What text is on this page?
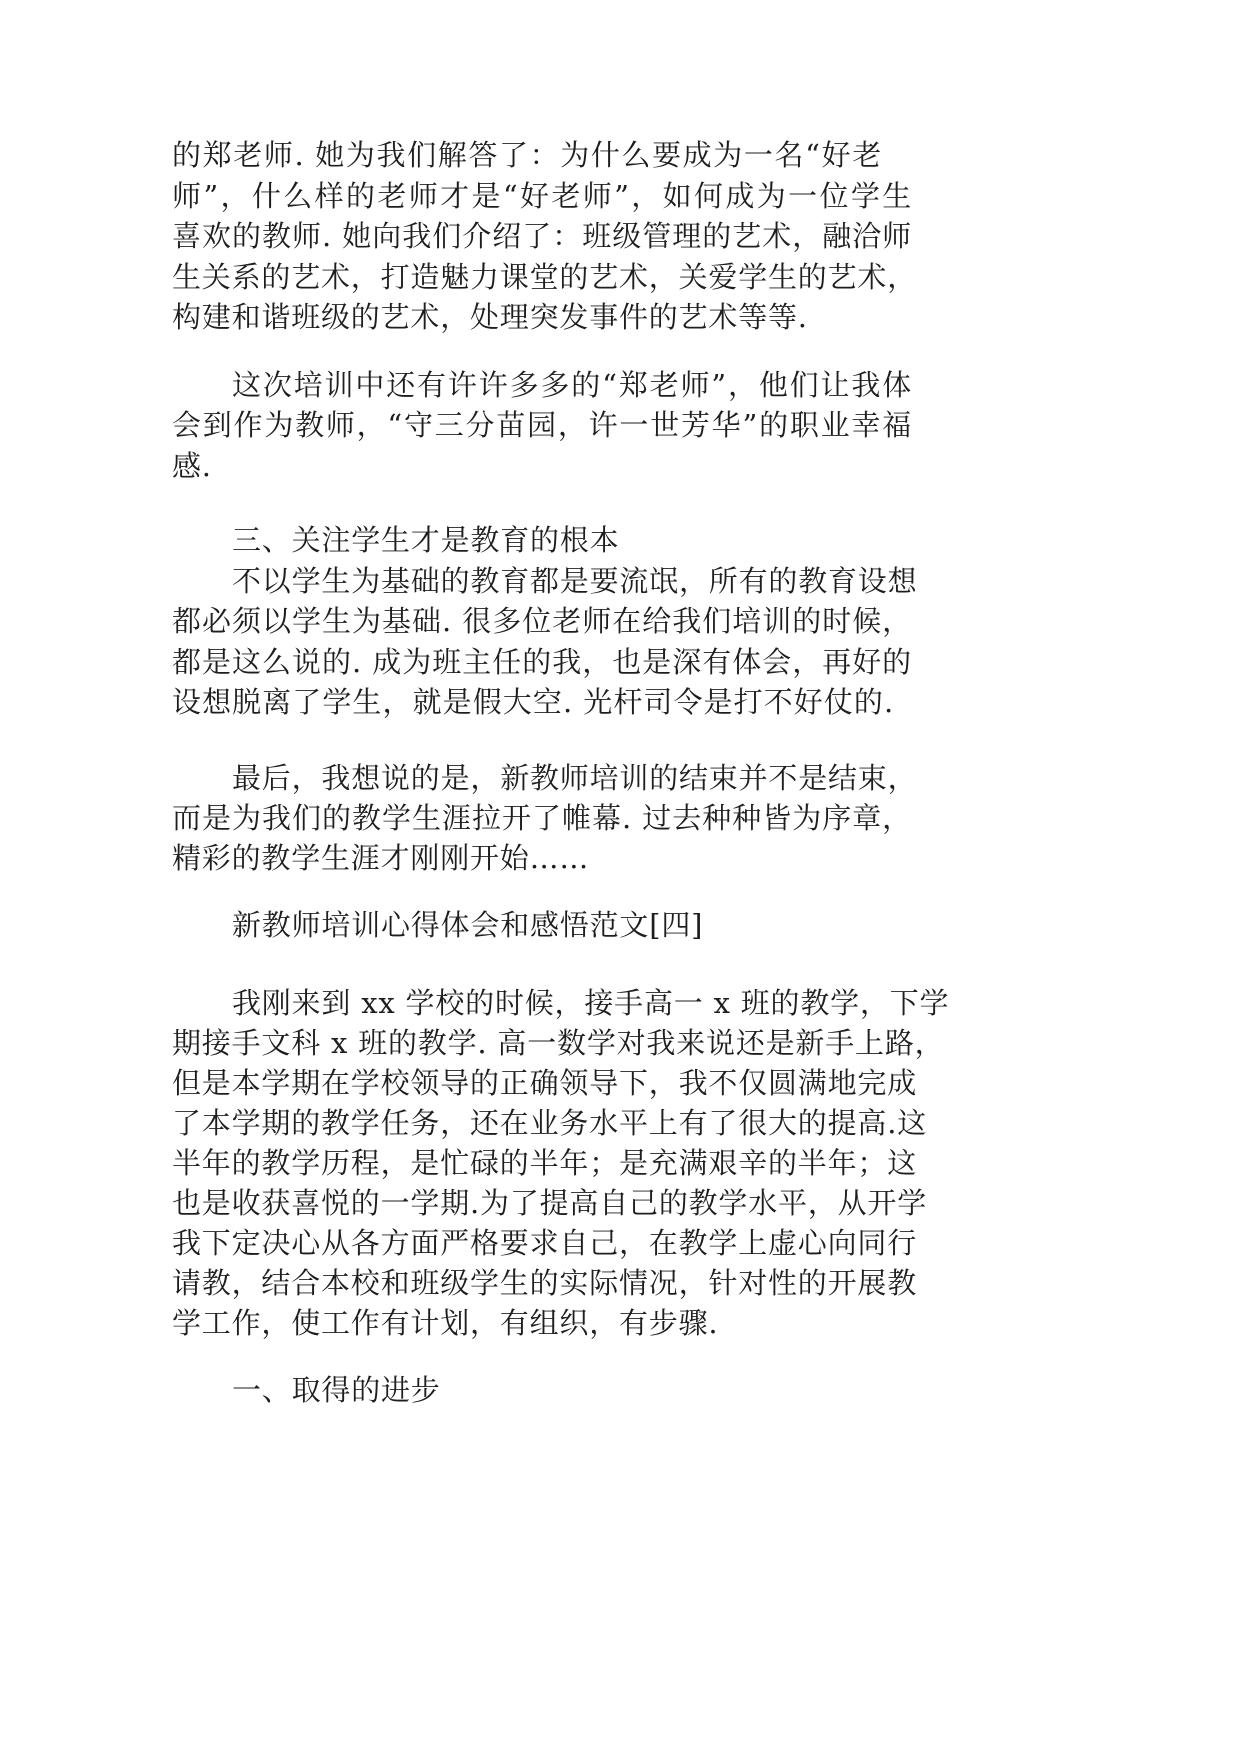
的郑老师. 她为我们解答了：为什么要成为一名“好老
师”，什么样的老师才是“好老师”，如何成为一位学生
喜欢的教师. 她向我们介绍了：班级管理的艺术，融洽师
生关系的艺术，打造魅力课堂的艺术，关爱学生的艺术，
构建和谐班级的艺术，处理突发事件的艺术等等.
这次培训中还有许许多多的“郑老师”，他们让我体
会到作为教师，“守三分苗园，许一世芳华”的职业幸福
感.
三、关注学生才是教育的根本
不以学生为基础的教育都是要流氓，所有的教育设想
都必须以学生为基础. 很多位老师在给我们培训的时候，
都是这么说的. 成为班主任的我，也是深有体会，再好的
设想脱离了学生，就是假大空. 光杆司令是打不好仗的.
最后，我想说的是，新教师培训的结束并不是结束，
而是为我们的教学生涯拉开了帷幕. 过去种种皆为序章，
精彩的教学生涯才刚刚开始……
新教师培训心得体会和感悟范文[四]
我刚来到 xx 学校的时候，接手高一 x 班的教学，下学
期接手文科 x 班的教学. 高一数学对我来说还是新手上路，
但是本学期在学校领导的正确领导下，我不仅圆满地完成
了本学期的教学任务，还在业务水平上有了很大的提高.这
半年的教学历程，是忙碌的半年；是充满艰辛的半年；这
也是收获喜悦的一学期.为了提高自己的教学水平，从开学
我下定决心从各方面严格要求自己，在教学上虚心向同行
请教，结合本校和班级学生的实际情况，针对性的开展教
学工作，使工作有计划，有组织，有步骤.
一、取得的进步
